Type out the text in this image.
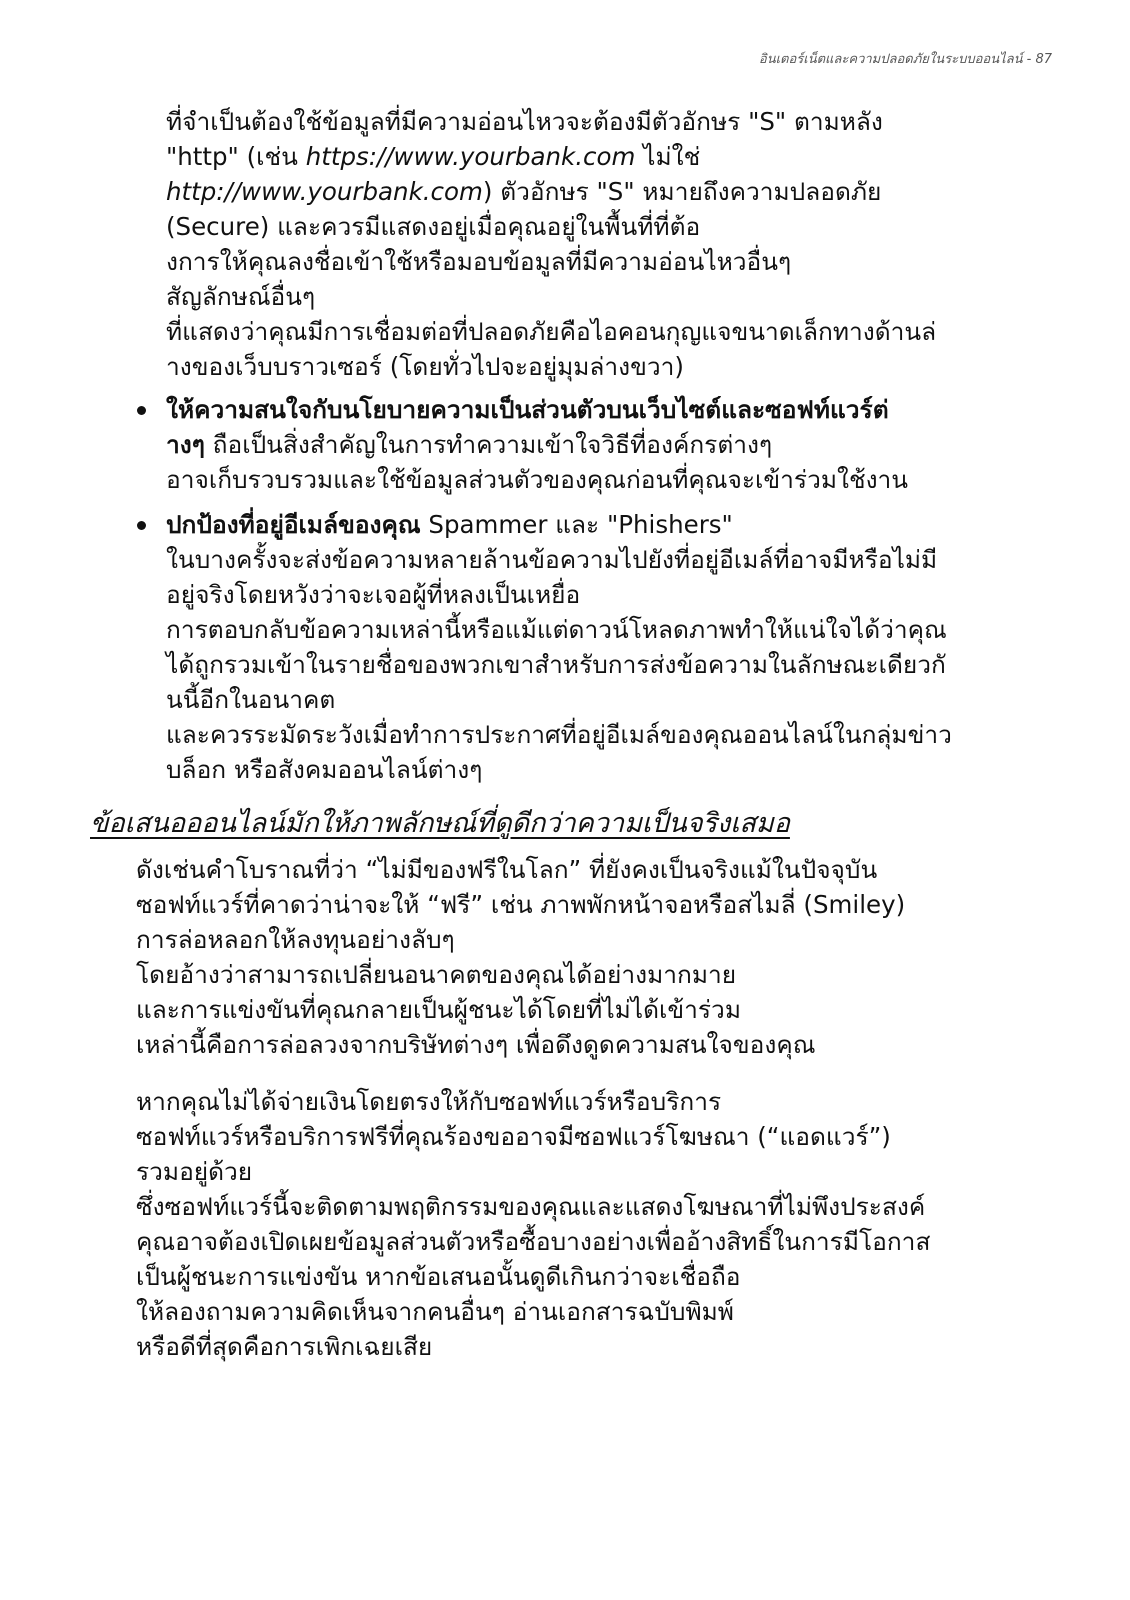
อินเตอร์เน็ตและความปลอดภัยในระบบออนไลน์ - 87
ที่จำเป็นต้องใช้ข้อมูลที่มีความอ่อนไหวจะต้องมีตัวอักษร "S" ตามหลัง
"http" (เช่น https://www.yourbank.com ไม่ใช่
http://www.yourbank.com) ตัวอักษร "S" หมายถึงความปลอดภัย
(Secure) และควรมีแสดงอยู่เมื่อคุณอยู่ในพื้นที่ที่ต้อ
งการให้คุณลงชื่อเข้าใช้หรือมอบข้อมูลที่มีความอ่อนไหวอื่นๆ
สัญลักษณ์อื่นๆ
ที่แสดงว่าคุณมีการเชื่อมต่อที่ปลอดภัยคือไอคอนกุญแจขนาดเล็กทางด้านล่
างของเว็บบราวเซอร์ (โดยทั่วไปจะอยู่มุมล่างขวา)
ให้ความสนใจกับนโยบายความเป็นส่วนตัวบนเว็บไซต์และซอฟท์แวร์ต่
างๆ ถือเป็นสิ่งสำคัญในการทำความเข้าใจวิธีที่องค์กรต่างๆ
อาจเก็บรวบรวมและใช้ข้อมูลส่วนตัวของคุณก่อนที่คุณจะเข้าร่วมใช้งาน
ปกป้องที่อยู่อีเมล์ของคุณ Spammer และ "Phishers"
ในบางครั้งจะส่งข้อความหลายล้านข้อความไปยังที่อยู่อีเมล์ที่อาจมีหรือไม่มี
อยู่จริงโดยหวังว่าจะเจอผู้ที่หลงเป็นเหยื่อ
การตอบกลับข้อความเหล่านี้หรือแม้แต่ดาวน์โหลดภาพทำให้แน่ใจได้ว่าคุณ
ได้ถูกรวมเข้าในรายชื่อของพวกเขาสำหรับการส่งข้อความในลักษณะเดียวกั
นนี้อีกในอนาคต
และควรระมัดระวังเมื่อทำการประกาศที่อยู่อีเมล์ของคุณออนไลน์ในกลุ่มข่าว
บล็อก หรือสังคมออนไลน์ต่างๆ
ข้อเสนอออนไลน์มักให้ภาพลักษณ์ที่ดูดีกว่าความเป็นจริงเสมอ
ดังเช่นคำโบราณที่ว่า “ไม่มีของฟรีในโลก” ที่ยังคงเป็นจริงแม้ในปัจจุบัน
ซอฟท์แวร์ที่คาดว่าน่าจะให้ “ฟรี” เช่น ภาพพักหน้าจอหรือสไมลี่ (Smiley)
การล่อหลอกให้ลงทุนอย่างลับๆ
โดยอ้างว่าสามารถเปลี่ยนอนาคตของคุณได้อย่างมากมาย
และการแข่งขันที่คุณกลายเป็นผู้ชนะได้โดยที่ไม่ได้เข้าร่วม
เหล่านี้คือการล่อลวงจากบริษัทต่างๆ เพื่อดึงดูดความสนใจของคุณ
หากคุณไม่ได้จ่ายเงินโดยตรงให้กับซอฟท์แวร์หรือบริการ
ซอฟท์แวร์หรือบริการฟรีที่คุณร้องขออาจมีซอฟแวร์โฆษณา (“แอดแวร์”)
รวมอยู่ด้วย
ซึ่งซอฟท์แวร์นี้จะติดตามพฤติกรรมของคุณและแสดงโฆษณาที่ไม่พึงประสงค์
คุณอาจต้องเปิดเผยข้อมูลส่วนตัวหรือซื้อบางอย่างเพื่ออ้างสิทธิ์ในการมีโอกาส
เป็นผู้ชนะการแข่งขัน หากข้อเสนอนั้นดูดีเกินกว่าจะเชื่อถือ
ให้ลองถามความคิดเห็นจากคนอื่นๆ อ่านเอกสารฉบับพิมพ์
หรือดีที่สุดคือการเพิกเฉยเสีย
